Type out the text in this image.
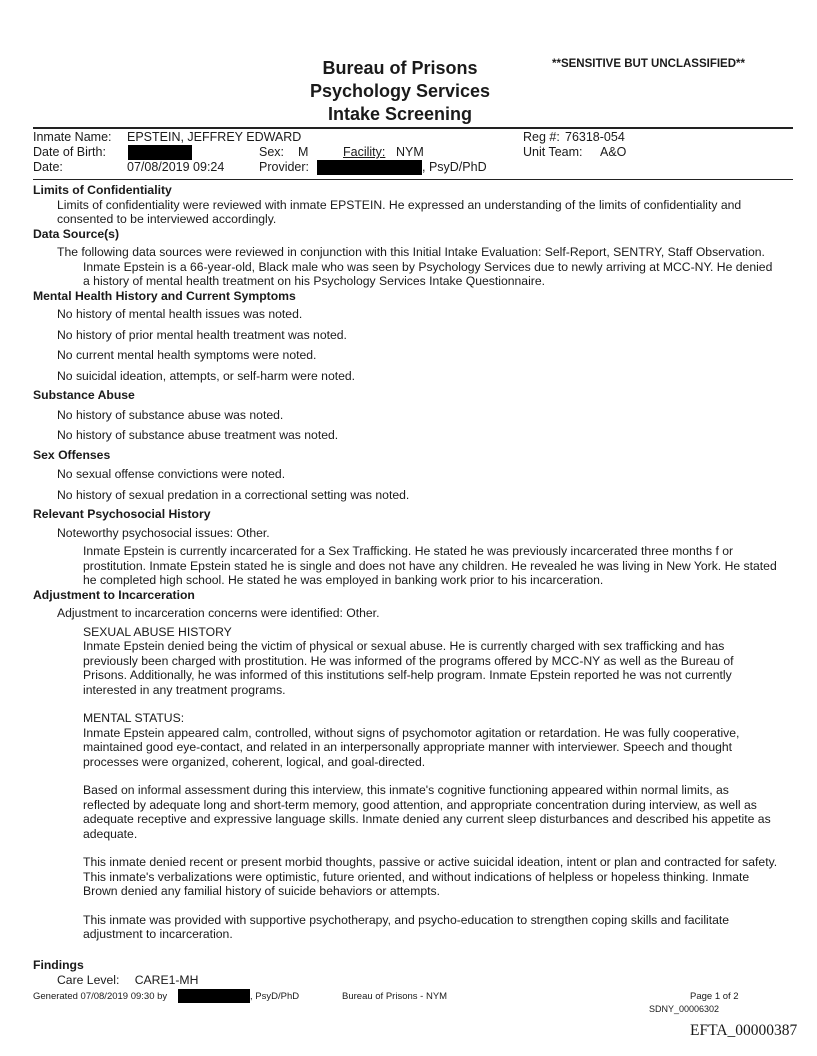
Bureau of Prisons
Psychology Services
Intake Screening
**SENSITIVE BUT UNCLASSIFIED**
Inmate Name: EPSTEIN, JEFFREY EDWARD	Reg #: 76318-054
Date of Birth:	Sex: M	Facility: NYM	Unit Team: A&O
Date:	07/08/2019 09:24	Provider:	, PsyD/PhD

Limits of Confidentiality

Limits of confidentiality were reviewed with inmate EPSTEIN. He expressed an understanding of the limits of confidentiality and consented to be interviewed accordingly.

Data Source(s)

The following data sources were reviewed in conjunction with this Initial Intake Evaluation: Self-Report, SENTRY, Staff Observation.

Inmate Epstein is a 66-year-old, Black male who was seen by Psychology Services due to newly arriving at MCC-NY. He denied a history of mental health treatment on his Psychology Services Intake Questionnaire.

Mental Health History and Current Symptoms

No history of mental health issues was noted.

No history of prior mental health treatment was noted.

No current mental health symptoms were noted.

No suicidal ideation, attempts, or self-harm were noted.

Substance Abuse

No history of substance abuse was noted.

No history of substance abuse treatment was noted.

Sex Offenses

No sexual offense convictions were noted.

No history of sexual predation in a correctional setting was noted.

Relevant Psychosocial History

Noteworthy psychosocial issues: Other.

Inmate Epstein is currently incarcerated for a Sex Trafficking. He stated he was previously incarcerated three months f or prostitution. Inmate Epstein stated he is single and does not have any children. He revealed he was living in New York. He stated he completed high school. He stated he was employed in banking work prior to his incarceration.

Adjustment to Incarceration

Adjustment to incarceration concerns were identified: Other.

SEXUAL ABUSE HISTORY

Inmate Epstein denied being the victim of physical or sexual abuse. He is currently charged with sex trafficking and has previously been charged with prostitution. He was informed of the programs offered by MCC-NY as well as the Bureau of Prisons. Additionally, he was informed of this institutions self-help program. Inmate Epstein reported he was not currently interested in any treatment programs.

MENTAL STATUS:

Inmate Epstein appeared calm, controlled, without signs of psychomotor agitation or retardation. He was fully cooperative, maintained good eye-contact, and related in an interpersonally appropriate manner with interviewer. Speech and thought processes were organized, coherent, logical, and goal-directed.

Based on informal assessment during this interview, this inmate's cognitive functioning appeared within normal limits, as reflected by adequate long and short-term memory, good attention, and appropriate concentration during interview, as well as adequate receptive and expressive language skills. Inmate denied any current sleep disturbances and described his appetite as adequate.

This inmate denied recent or present morbid thoughts, passive or active suicidal ideation, intent or plan and contracted for safety. This inmate's verbalizations were optimistic, future oriented, and without indications of helpless or hopeless thinking. Inmate Brown denied any familial history of suicide behaviors or attempts.

This inmate was provided with supportive psychotherapy, and psycho-education to strengthen coping skills and facilitate adjustment to incarceration.

Findings
Care Level: CARE1-MH
Generated 07/08/2019 09:30 by	, PsyD/PhD	Bureau of Prisons - NYM	Page 1 of 2
SDNY_00006302
EFTA_00000387
